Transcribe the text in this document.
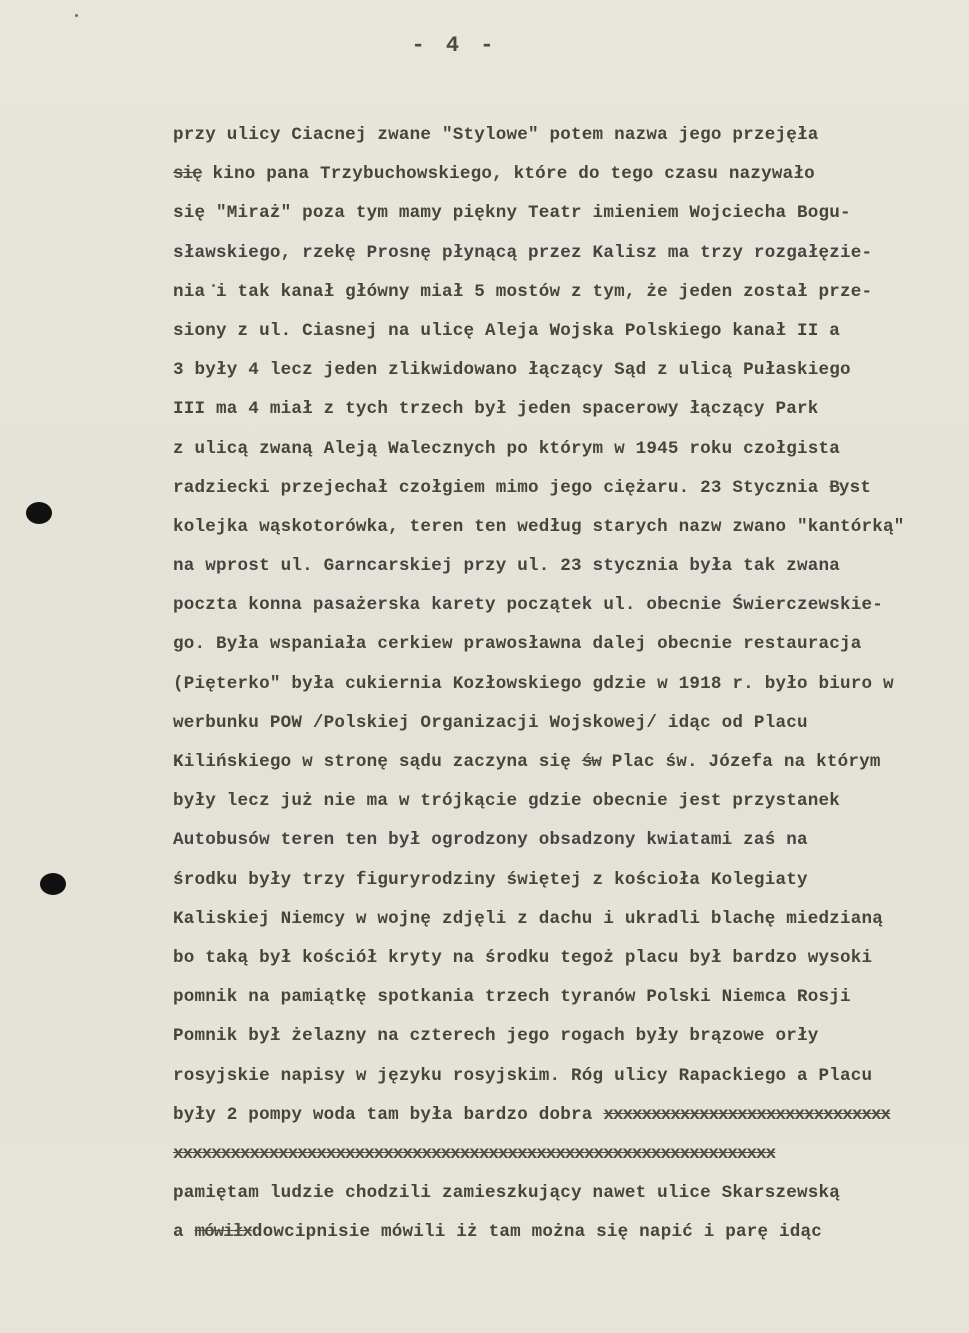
- 4 -
przy ulicy Ciacnej zwane "Stylowe" potem nazwa jego przejęła
się kino pana Trzybuchowskiego, które do tego czasu nazywało
się "Miraż" poza tym mamy piękny Teatr imieniem Wojciecha Bogu-
sławskiego, rzekę Prosnę płynącą przez Kalisz ma trzy rozgałęzie-
nia i tak kanał główny miał 5 mostów z tym, że jeden został prze-
siony z ul. Ciasnej na ulicę Aleja Wojska Polskiego kanał II a
3 były 4 lecz jeden zlikwidowano łączący Sąd z ulicą Pułaskiego
III ma 4 miał z tych trzech był jeden spacerowy łączący Park
z ulicą zwaną Aleją Walecznych po którym w 1945 roku czołgista
radziecki przejechał czołgiem mimo jego ciężaru. 23 Stycznia Byst
kolejka wąskotorówka, teren ten według starych nazw zwano "kantórką"
na wprost ul. Garncarskiej przy ul. 23 stycznia była tak zwana
poczta konna pasażerska karety początek ul. obecnie Świerczewskie-
go. Była wspaniała cerkiew prawosławna dalej obecnie restauracja
(Pięterko" była cukiernia Kozłowskiego gdzie w 1918 r. było biuro w
werbunku POW /Polskiej Organizacji Wojskowej/ idąc od Placu
Kilińskiego w stronę sądu zaczyna się św Plac św. Józefa na którym
były lecz już nie ma w trójkącie gdzie obecnie jest przystanek
Autobusów teren ten był ogrodzony obsadzony kwiatami zaś na
środku były trzy figuryrodziny świętej z kościoła Kolegiaty
Kaliskiej Niemcy w wojnę zdjęli z dachu i ukradli blachę miedzianą
bo taką był kościół kryty na środku tegoż placu był bardzo wysoki
pomnik na pamiątkę spotkania trzech tyranów Polski Niemca Rosji
Pomnik był żelazny na czterech jego rogach były brązowe orły
rosyjskie napisy w języku rosyjskim. Róg ulicy Rapackiego a Placu
były 2 pompy woda tam była bardzo dobra xxxxxxxxxxxxxxxxxxxxxxxxxxxxxx
xxxxxxxxxxxxxxxxxxxxxxxxxxxxxxxxxxxxxxxxxxxxxxxxxxxxxxxxxxxxxxx
pamiętam ludzie chodzili zamieszkujący nawet ulice Skarszewską
a mówiłxdowcipnisie mówili iż tam można się napić i parę idąc
